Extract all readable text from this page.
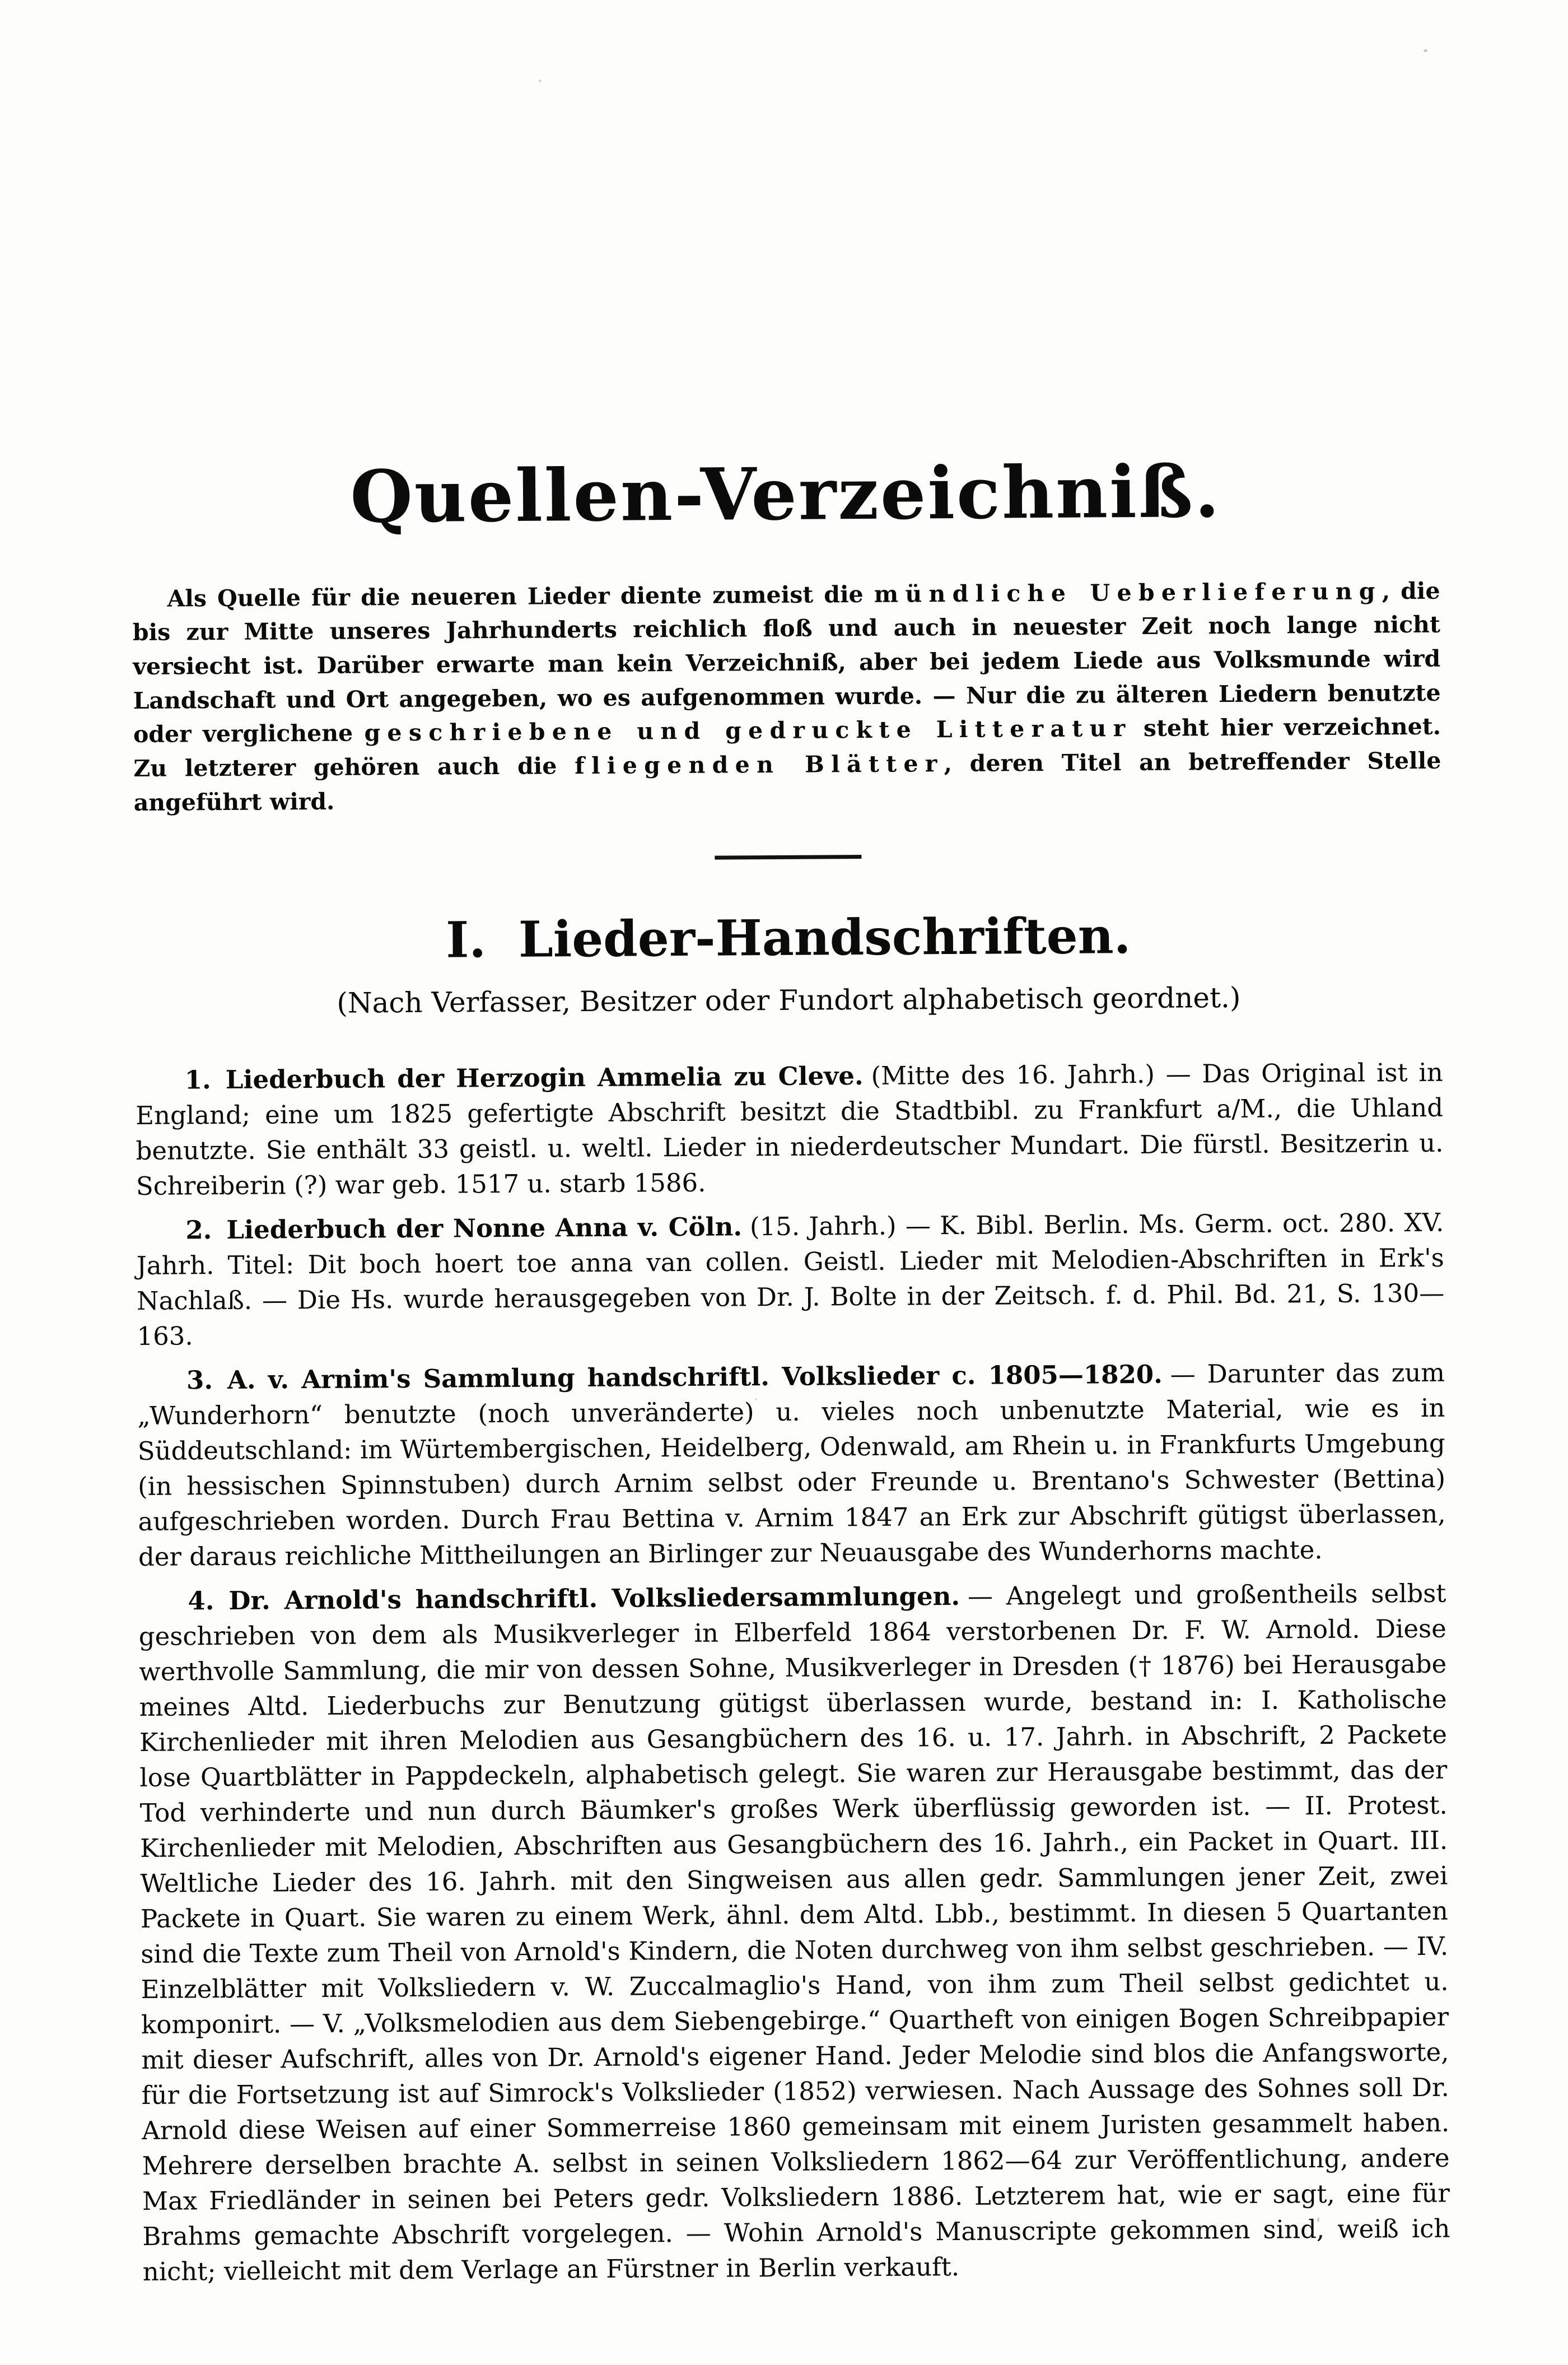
Quellen-Verzeichniß.

Als Quelle für die neueren Lieder diente zumeist die mündliche Ueberlieferung, die bis zur Mitte unseres Jahrhunderts reichlich floß und auch in neuester Zeit noch lange nicht versiecht ist. Darüber erwarte man kein Verzeichniß, aber bei jedem Liede aus Volksmunde wird Landschaft und Ort angegeben, wo es aufgenommen wurde. — Nur die zu älteren Liedern benutzte oder verglichene geschriebene und gedruckte Litteratur steht hier verzeichnet. Zu letzterer gehören auch die fliegenden Blätter, deren Titel an betreffender Stelle angeführt wird.

I. Lieder-Handschriften.

(Nach Verfasser, Besitzer oder Fundort alphabetisch geordnet.)

1. Liederbuch der Herzogin Ammelia zu Cleve. (Mitte des 16. Jahrh.) — Das Original ist in England; eine um 1825 gefertigte Abschrift besitzt die Stadtbibl. zu Frankfurt a/M., die Uhland benutzte. Sie enthält 33 geistl. u. weltl. Lieder in niederdeutscher Mundart. Die fürstl. Besitzerin u. Schreiberin (?) war geb. 1517 u. starb 1586.

2. Liederbuch der Nonne Anna v. Cöln. (15. Jahrh.) — K. Bibl. Berlin. Ms. Germ. oct. 280. XV. Jahrh. Titel: Dit boch hoert toe anna van collen. Geistl. Lieder mit Melodien-Abschriften in Erk's Nachlaß. — Die Hs. wurde herausgegeben von Dr. J. Bolte in der Zeitsch. f. d. Phil. Bd. 21, S. 130—163.

3. A. v. Arnim's Sammlung handschriftl. Volkslieder c. 1805—1820. — Darunter das zum „Wunderhorn“ benutzte (noch unveränderte) u. vieles noch unbenutzte Material, wie es in Süddeutschland: im Würtembergischen, Heidelberg, Odenwald, am Rhein u. in Frankfurts Umgebung (in hessischen Spinnstuben) durch Arnim selbst oder Freunde u. Brentano's Schwester (Bettina) aufgeschrieben worden. Durch Frau Bettina v. Arnim 1847 an Erk zur Abschrift gütigst überlassen, der daraus reichliche Mittheilungen an Birlinger zur Neuausgabe des Wunderhorns machte.

4. Dr. Arnold's handschriftl. Volksliedersammlungen. — Angelegt und großentheils selbst geschrieben von dem als Musikverleger in Elberfeld 1864 verstorbenen Dr. F. W. Arnold. Diese werthvolle Sammlung, die mir von dessen Sohne, Musikverleger in Dresden († 1876) bei Herausgabe meines Altd. Liederbuchs zur Benutzung gütigst überlassen wurde, bestand in: I. Katholische Kirchenlieder mit ihren Melodien aus Gesangbüchern des 16. u. 17. Jahrh. in Abschrift, 2 Packete lose Quartblätter in Pappdeckeln, alphabetisch gelegt. Sie waren zur Herausgabe bestimmt, das der Tod verhinderte und nun durch Bäumker's großes Werk überflüssig geworden ist. — II. Protest. Kirchenlieder mit Melodien, Abschriften aus Gesangbüchern des 16. Jahrh., ein Packet in Quart. III. Weltliche Lieder des 16. Jahrh. mit den Singweisen aus allen gedr. Sammlungen jener Zeit, zwei Packete in Quart. Sie waren zu einem Werk, ähnl. dem Altd. Lbb., bestimmt. In diesen 5 Quartanten sind die Texte zum Theil von Arnold's Kindern, die Noten durchweg von ihm selbst geschrieben. — IV. Einzelblätter mit Volksliedern v. W. Zuccalmaglio's Hand, von ihm zum Theil selbst gedichtet u. komponirt. — V. „Volksmelodien aus dem Siebengebirge.“ Quartheft von einigen Bogen Schreibpapier mit dieser Aufschrift, alles von Dr. Arnold's eigener Hand. Jeder Melodie sind blos die Anfangsworte, für die Fortsetzung ist auf Simrock's Volkslieder (1852) verwiesen. Nach Aussage des Sohnes soll Dr. Arnold diese Weisen auf einer Sommerreise 1860 gemeinsam mit einem Juristen gesammelt haben. Mehrere derselben brachte A. selbst in seinen Volksliedern 1862—64 zur Veröffentlichung, andere Max Friedländer in seinen bei Peters gedr. Volksliedern 1886. Letzterem hat, wie er sagt, eine für Brahms gemachte Abschrift vorgelegen. — Wohin Arnold's Manuscripte gekommen sind, weiß ich nicht; vielleicht mit dem Verlage an Fürstner in Berlin verkauft.
